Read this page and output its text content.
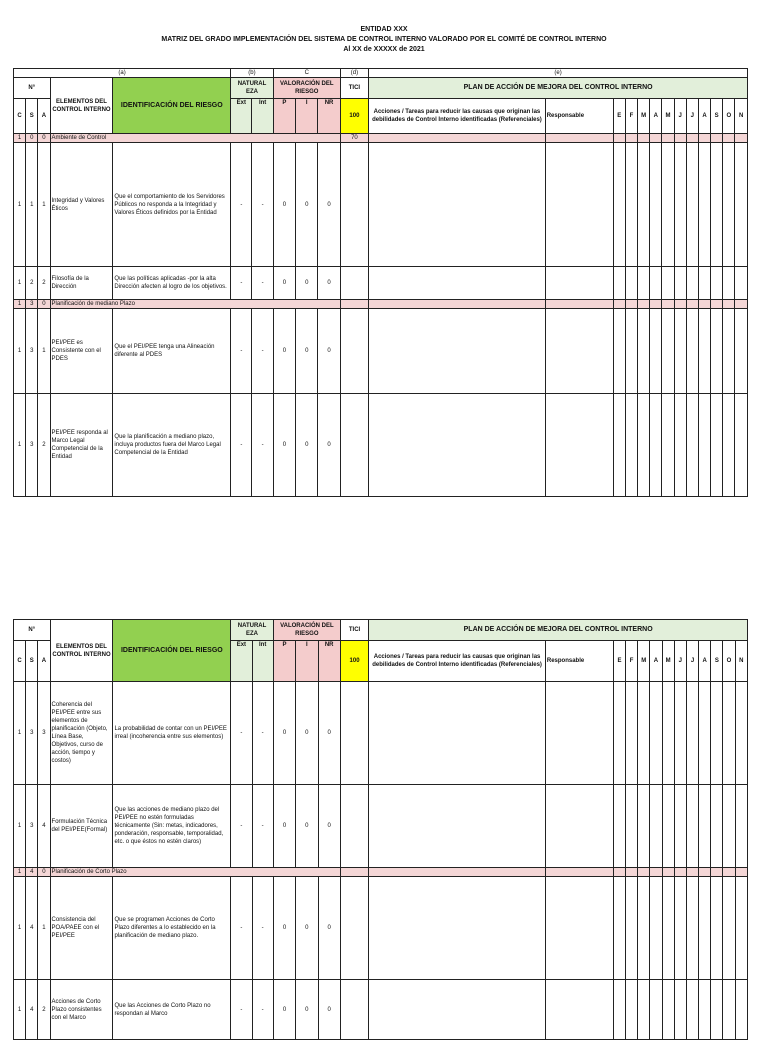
ENTIDAD XXX
MATRIZ DEL GRADO IMPLEMENTACIÓN DEL SISTEMA DE CONTROL INTERNO VALORADO POR EL COMITÉ DE CONTROL INTERNO
Al XX de XXXXX de 2021
(a)					(b)		C			(d)	(e)												
N°			ELEMENTOS DEL CONTROL INTERNO	IDENTIFICACIÓN DEL RIESGO	NATURAL EZA		VALORACIÓN DEL RIESGO			TICI	PLAN DE ACCIÓN DE MEJORA DEL CONTROL INTERNO												
C	S	A			Ext	Int	P	I	NR	100	Acciones / Tareas para reducir las causas que originan las debilidades de Control Interno identificadas (Referenciales)	Responsable	E	F	M	A	M	J	J	A	S	O	N
1	0	0	Ambiente de Control							70													
1	1	1	Integridad y Valores Éticos	Que el comportamiento de los Servidores Públicos no responda a la Integridad y Valores Éticos definidos por la Entidad	-	-	0	0	0														
1	2	2	Filosofía de la Dirección	Que las políticas aplicadas -por la alta Dirección afecten al logro de los objetivos.	-	-	0	0	0														
1	3	0	Planificación de mediano Plazo																				
1	3	1	PEI/PEE es Consistente con el PDES	Que el PEI/PEE tenga una Alineación diferente al PDES	-	-	0	0	0														
1	3	2	PEI/PEE responda al Marco Legal Competencial de la Entidad	Que la planificación a mediano plazo, incluya productos fuera del Marco Legal Competencial de la Entidad	-	-	0	0	0														
N°			ELEMENTOS DEL CONTROL INTERNO	IDENTIFICACIÓN DEL RIESGO	NATURAL EZA		VALORACIÓN DEL RIESGO			TICI	PLAN DE ACCIÓN DE MEJORA DEL CONTROL INTERNO												
C	S	A			Ext	Int	P	I	NR	100	Acciones / Tareas para reducir las causas que originan las debilidades de Control Interno identificadas (Referenciales)	Responsable	E	F	M	A	M	J	J	A	S	O	N
1	3	3	Coherencia del PEI/PEE entre sus elementos de planificación (Objeto, Línea Base, Objetivos, curso de acción, tiempo y costos)	La probabilidad de contar con un PEI/PEE irreal (incoherencia entre sus elementos)	-	-	0	0	0														
1	3	4	Formulación Técnica del PEI/PEE(Formal)	Que las acciones de mediano plazo del PEI/PEE no estén formuladas técnicamente (Sin: metas, indicadores, ponderación, responsable, temporalidad, etc. o que éstos no estén claros)	-	-	0	0	0														
1	4	0	Planificación de Corto Plazo																				
1	4	1	Consistencia del POA/PAEE con el PEI/PEE	Que se programen Acciones de Corto Plazo diferentes a lo establecido en la planificación de mediano plazo.	-	-	0	0	0														
1	4	2	Acciones de Corto Plazo consistentes con el Marco	Que las Acciones de Corto Plazo no respondan al Marco	-	-	0	0	0														
